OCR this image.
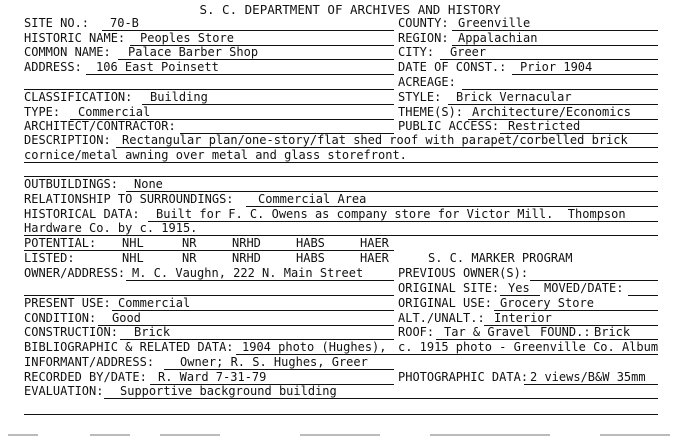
S. C. DEPARTMENT OF ARCHIVES AND HISTORY
SITE NO.: 70-B	COUNTY: Greenville
HISTORIC NAME: Peoples Store	REGION: Appalachian
COMMON NAME: Palace Barber Shop	CITY: Greer
ADDRESS: 106 East Poinsett	DATE OF CONST.: Prior 1904
ACREAGE:
CLASSIFICATION: Building	STYLE: Brick Vernacular
TYPE: Commercial	THEME(S): Architecture/Economics
ARCHITECT/CONTRACTOR:	PUBLIC ACCESS: Restricted
DESCRIPTION: Rectangular plan/one-story/flat shed roof with parapet/corbelled brick
cornice/metal awning over metal and glass storefront.
OUTBUILDINGS: None
RELATIONSHIP TO SURROUNDINGS: Commercial Area
HISTORICAL DATA: Built for F. C. Owens as company store for Victor Mill.  Thompson
Hardware Co. by c. 1915.
POTENTIAL: NHL	NR	NRHD	HABS	HAER
LISTED:	NHL	NR	NRHD	HABS	HAER	S. C. MARKER PROGRAM
OWNER/ADDRESS: M. C. Vaughn, 222 N. Main Street	PREVIOUS OWNER(S):
ORIGINAL SITE: Yes MOVED/DATE:
PRESENT USE: Commercial	ORIGINAL USE: Grocery Store
CONDITION: Good	ALT./UNALT.: Interior
CONSTRUCTION: Brick	ROOF: Tar & Gravel FOUND.: Brick
BIBLIOGRAPHIC & RELATED DATA: 1904 photo (Hughes), c. 1915 photo - Greenville Co. Album
INFORMANT/ADDRESS: Owner; R. S. Hughes, Greer
RECORDED BY/DATE: R. Ward 7-31-79	PHOTOGRAPHIC DATA: 2 views/B&W 35mm
EVALUATION: Supportive background building
